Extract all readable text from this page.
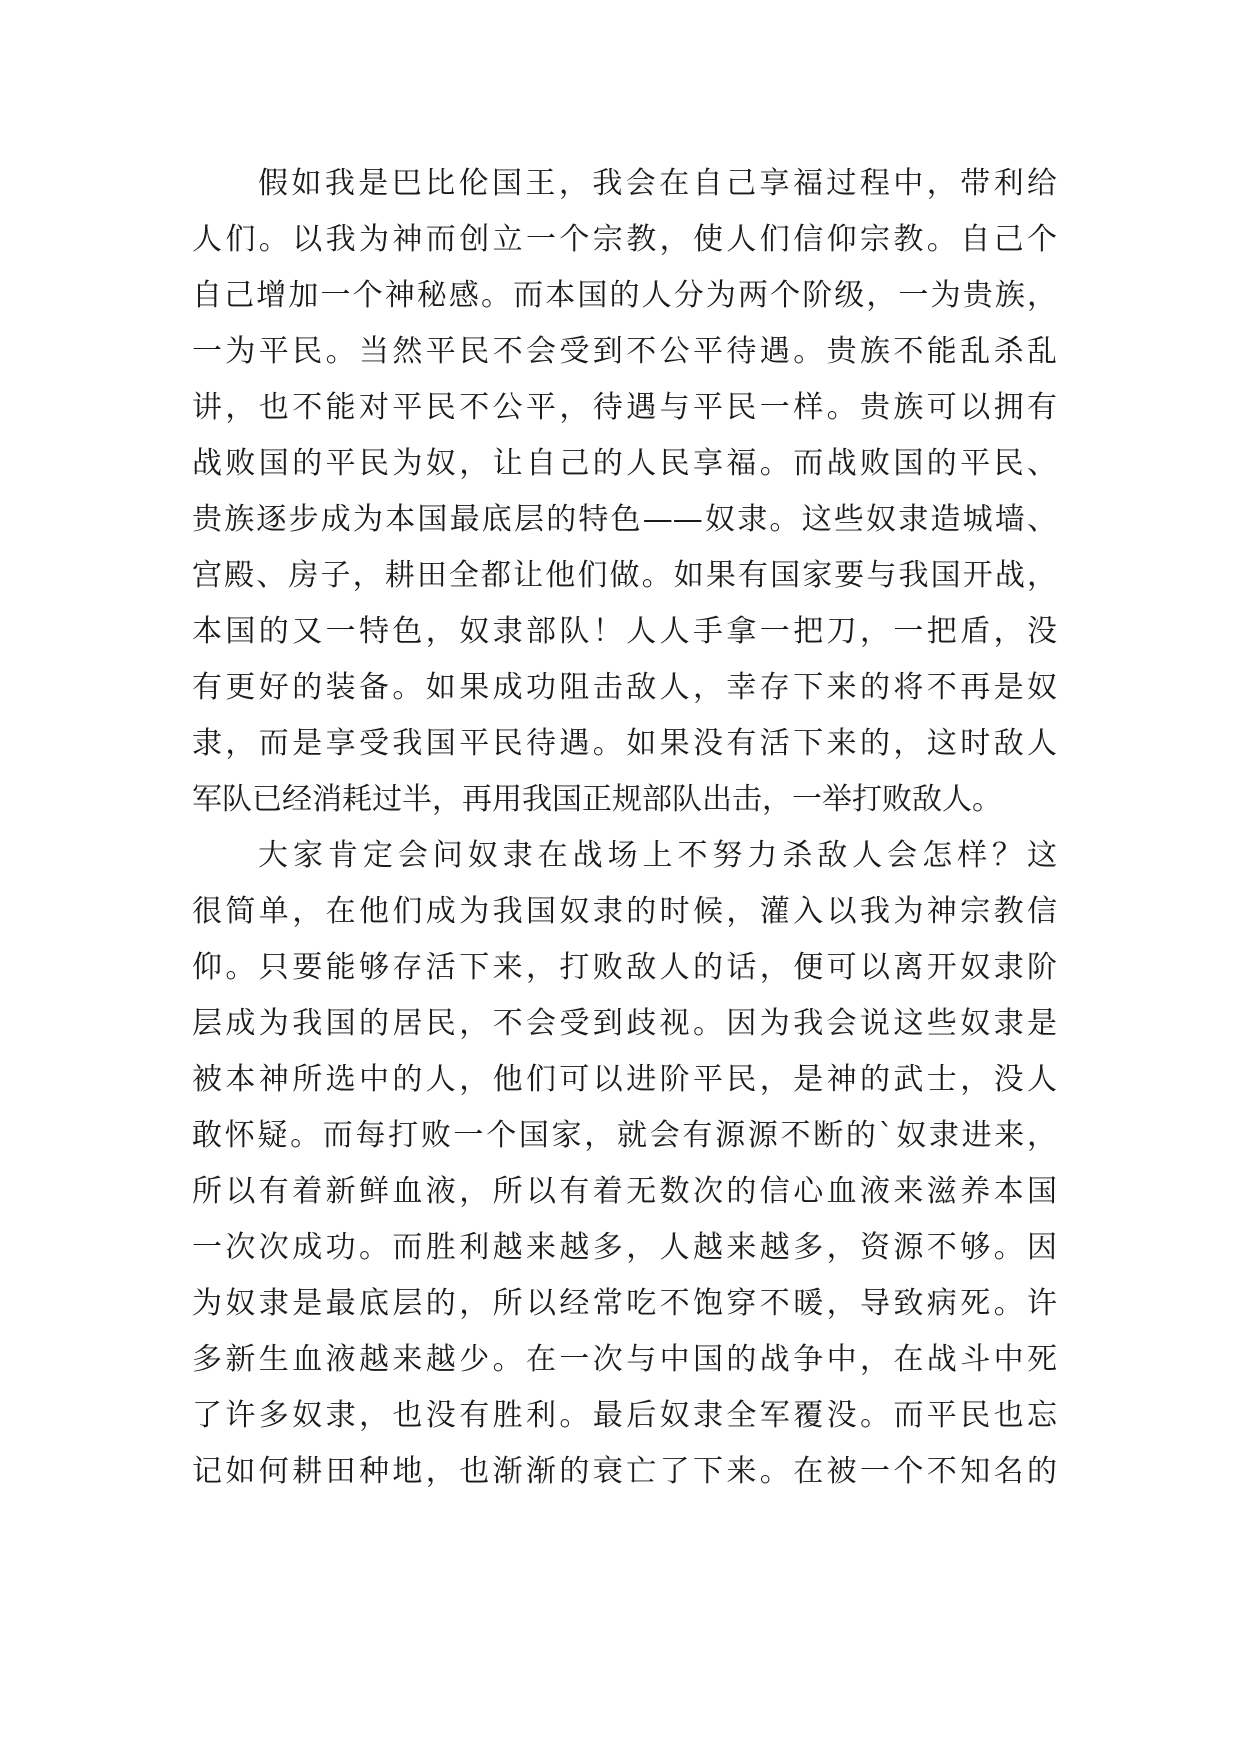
假如我是巴比伦国王，我会在自己享福过程中，带利给

人们。以我为神而创立一个宗教，使人们信仰宗教。自己个

自己增加一个神秘感。而本国的人分为两个阶级，一为贵族，

一为平民。当然平民不会受到不公平待遇。贵族不能乱杀乱

讲，也不能对平民不公平，待遇与平民一样。贵族可以拥有

战败国的平民为奴，让自己的人民享福。而战败国的平民、

贵族逐步成为本国最底层的特色——奴隶。这些奴隶造城墙、

宫殿、房子，耕田全都让他们做。如果有国家要与我国开战，

本国的又一特色，奴隶部队！人人手拿一把刀，一把盾，没

有更好的装备。如果成功阻击敌人，幸存下来的将不再是奴

隶，而是享受我国平民待遇。如果没有活下来的，这时敌人

军队已经消耗过半，再用我国正规部队出击，一举打败敌人。

大家肯定会问奴隶在战场上不努力杀敌人会怎样？这

很简单，在他们成为我国奴隶的时候，灌入以我为神宗教信

仰。只要能够存活下来，打败敌人的话，便可以离开奴隶阶

层成为我国的居民，不会受到歧视。因为我会说这些奴隶是

被本神所选中的人，他们可以进阶平民，是神的武士，没人

敢怀疑。而每打败一个国家，就会有源源不断的`奴隶进来，

所以有着新鲜血液，所以有着无数次的信心血液来滋养本国

一次次成功。而胜利越来越多，人越来越多，资源不够。因

为奴隶是最底层的，所以经常吃不饱穿不暖，导致病死。许

多新生血液越来越少。在一次与中国的战争中，在战斗中死

了许多奴隶，也没有胜利。最后奴隶全军覆没。而平民也忘

记如何耕田种地，也渐渐的衰亡了下来。在被一个不知名的
